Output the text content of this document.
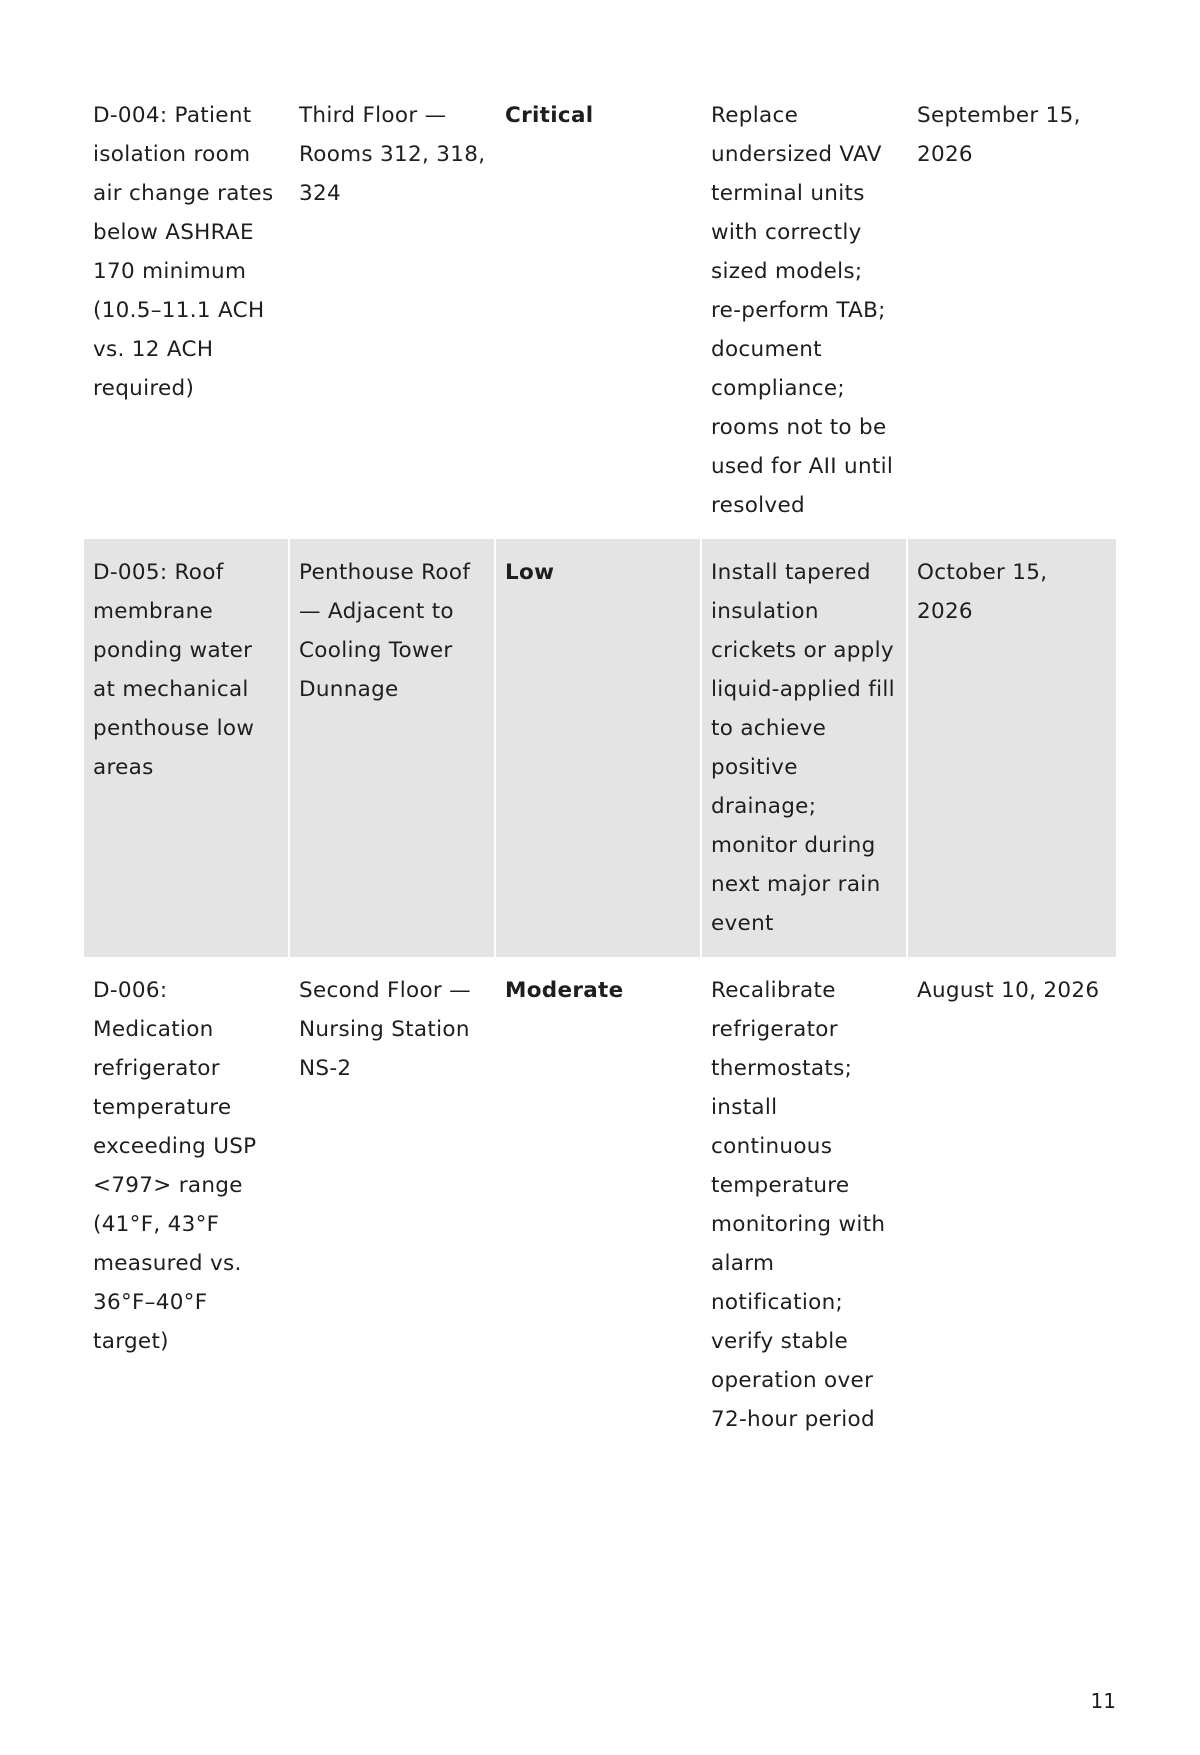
D-004: Patient isolation room air change rates below ASHRAE 170 minimum (10.5–11.1 ACH vs. 12 ACH required)	Third Floor — Rooms 312, 318, 324	Critical	Replace undersized VAV terminal units with correctly sized models; re-perform TAB; document compliance; rooms not to be used for AII until resolved	September 15, 2026
D-005: Roof membrane ponding water at mechanical penthouse low areas	Penthouse Roof — Adjacent to Cooling Tower Dunnage	Low	Install tapered insulation crickets or apply liquid-applied fill to achieve positive drainage; monitor during next major rain event	October 15, 2026
D-006: Medication refrigerator temperature exceeding USP <797> range (41°F, 43°F measured vs. 36°F–40°F target)	Second Floor — Nursing Station NS-2	Moderate	Recalibrate refrigerator thermostats; install continuous temperature monitoring with alarm notification; verify stable operation over 72-hour period	August 10, 2026
11
